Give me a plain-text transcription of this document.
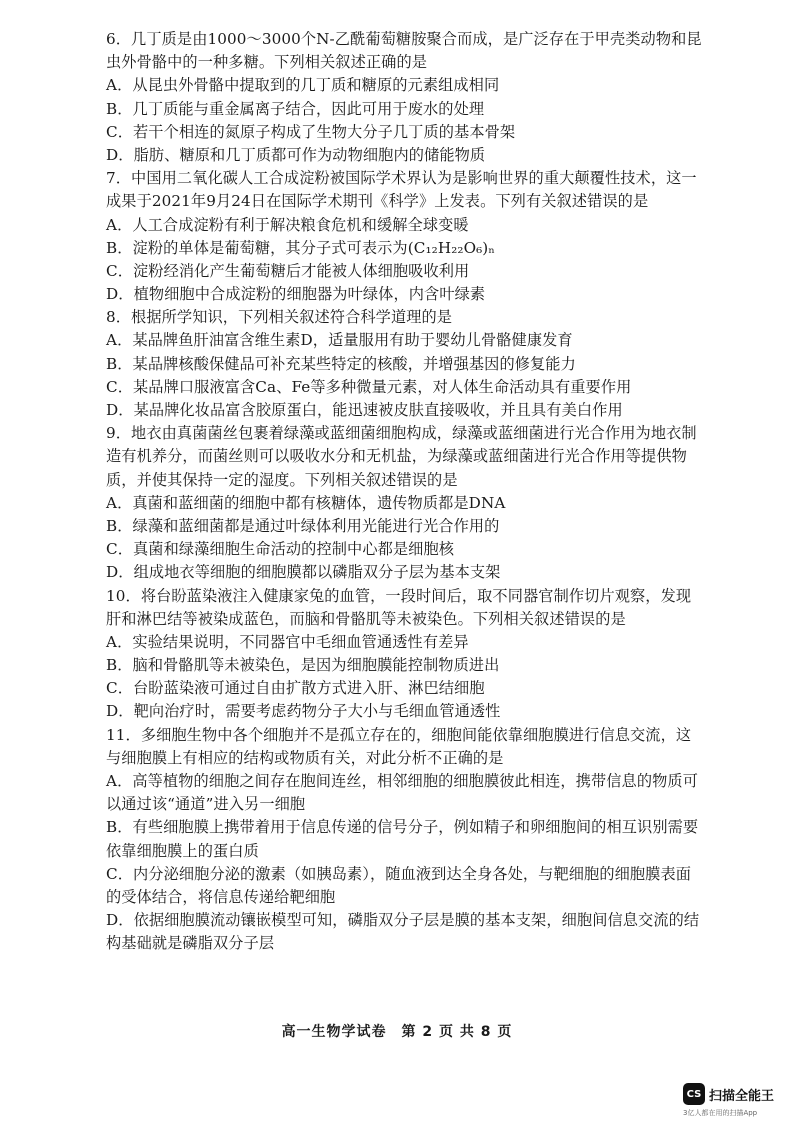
6．几丁质是由1000～3000个N-乙酰葡萄糖胺聚合而成，是广泛存在于甲壳类动物和昆
虫外骨骼中的一种多糖。下列相关叙述正确的是
A．从昆虫外骨骼中提取到的几丁质和糖原的元素组成相同
B．几丁质能与重金属离子结合，因此可用于废水的处理
C．若干个相连的氮原子构成了生物大分子几丁质的基本骨架
D．脂肪、糖原和几丁质都可作为动物细胞内的储能物质
7．中国用二氧化碳人工合成淀粉被国际学术界认为是影响世界的重大颠覆性技术，这一
成果于2021年9月24日在国际学术期刊《科学》上发表。下列有关叙述错误的是
A．人工合成淀粉有利于解决粮食危机和缓解全球变暖
B．淀粉的单体是葡萄糖，其分子式可表示为(C₁₂H₂₂O₆)ₙ
C．淀粉经消化产生葡萄糖后才能被人体细胞吸收利用
D．植物细胞中合成淀粉的细胞器为叶绿体，内含叶绿素
8．根据所学知识，下列相关叙述符合科学道理的是
A．某品牌鱼肝油富含维生素D，适量服用有助于婴幼儿骨骼健康发育
B．某品牌核酸保健品可补充某些特定的核酸，并增强基因的修复能力
C．某品牌口服液富含Ca、Fe等多种微量元素，对人体生命活动具有重要作用
D．某品牌化妆品富含胶原蛋白，能迅速被皮肤直接吸收，并且具有美白作用
9．地衣由真菌菌丝包裹着绿藻或蓝细菌细胞构成，绿藻或蓝细菌进行光合作用为地衣制
造有机养分，而菌丝则可以吸收水分和无机盐，为绿藻或蓝细菌进行光合作用等提供物
质，并使其保持一定的湿度。下列相关叙述错误的是
A．真菌和蓝细菌的细胞中都有核糖体，遗传物质都是DNA
B．绿藻和蓝细菌都是通过叶绿体利用光能进行光合作用的
C．真菌和绿藻细胞生命活动的控制中心都是细胞核
D．组成地衣等细胞的细胞膜都以磷脂双分子层为基本支架
10．将台盼蓝染液注入健康家兔的血管，一段时间后，取不同器官制作切片观察，发现
肝和淋巴结等被染成蓝色，而脑和骨骼肌等未被染色。下列相关叙述错误的是
A．实验结果说明，不同器官中毛细血管通透性有差异
B．脑和骨骼肌等未被染色，是因为细胞膜能控制物质进出
C．台盼蓝染液可通过自由扩散方式进入肝、淋巴结细胞
D．靶向治疗时，需要考虑药物分子大小与毛细血管通透性
11．多细胞生物中各个细胞并不是孤立存在的，细胞间能依靠细胞膜进行信息交流，这
与细胞膜上有相应的结构或物质有关，对此分析不正确的是
A．高等植物的细胞之间存在胞间连丝，相邻细胞的细胞膜彼此相连，携带信息的物质可
以通过该“通道”进入另一细胞
B．有些细胞膜上携带着用于信息传递的信号分子，例如精子和卵细胞间的相互识别需要
依靠细胞膜上的蛋白质
C．内分泌细胞分泌的激素（如胰岛素），随血液到达全身各处，与靶细胞的细胞膜表面
的受体结合，将信息传递给靶细胞
D．依据细胞膜流动镶嵌模型可知，磷脂双分子层是膜的基本支架，细胞间信息交流的结
构基础就是磷脂双分子层
高一生物学试卷　第 2 页 共 8 页
CS 扫描全能王
3亿人都在用的扫描App
